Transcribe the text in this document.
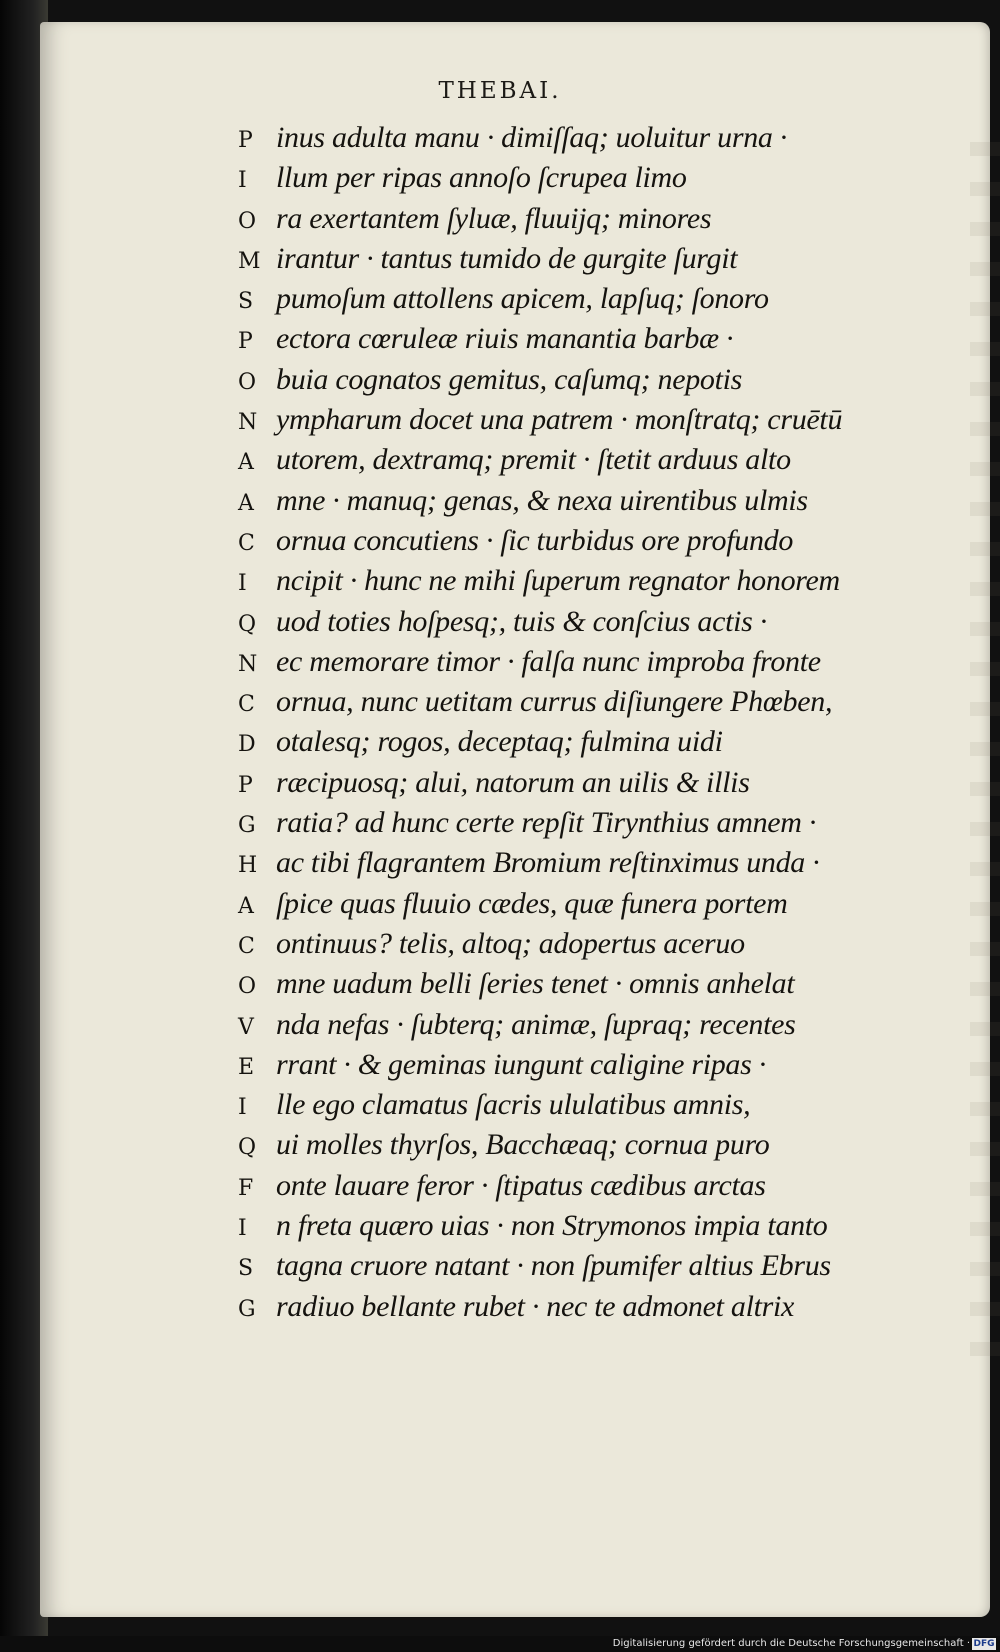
THEBAI.
P inus adulta manu · dimiſſaq; uoluitur urna ·
I llum per ripas annoſo ſcrupea limo
O ra exertantem ſyluæ, fluuijq; minores
M irantur · tantus tumido de gurgite ſurgit
S pumoſum attollens apicem, lapſuq; ſonoro
P ectora cœruleæ riuis manantia barbæ ·
O buia cognatos gemitus, caſumq; nepotis
N ympharum docet una patrem · monſtratq; cruētū
A utorem, dextramq; premit · ſtetit arduus alto
A mne · manuq; genas, & nexa uirentibus ulmis
C ornua concutiens · ſic turbidus ore profundo
I ncipit · hunc ne mihi ſuperum regnator honorem
Q uod toties hoſpesq;, tuis & conſcius actis ·
N ec memorare timor · falſa nunc improba fronte
C ornua, nunc uetitam currus diſiungere Phœben,
D otalesq; rogos, deceptaq; fulmina uidi
P ræcipuosq; alui, natorum an uilis & illis
G ratia? ad hunc certe repſit Tirynthius amnem ·
H ac tibi flagrantem Bromium reſtinximus unda ·
A ſpice quas fluuio cædes, quæ funera portem
C ontinuus? telis, altoq; adopertus aceruo
O mne uadum belli ſeries tenet · omnis anhelat
V nda nefas · ſubterq; animæ, ſupraq; recentes
E rrant · & geminas iungunt caligine ripas ·
I lle ego clamatus ſacris ululatibus amnis,
Q ui molles thyrſos, Bacchæaq; cornua puro
F onte lauare feror · ſtipatus cædibus arctas
I n freta quæro uias · non Strymonos impia tanto
S tagna cruore natant · non ſpumifer altius Ebrus
G radiuo bellante rubet · nec te admonet altrix
Digitalisierung gefördert durch die Deutsche Forschungsgemeinschaft · DFG
